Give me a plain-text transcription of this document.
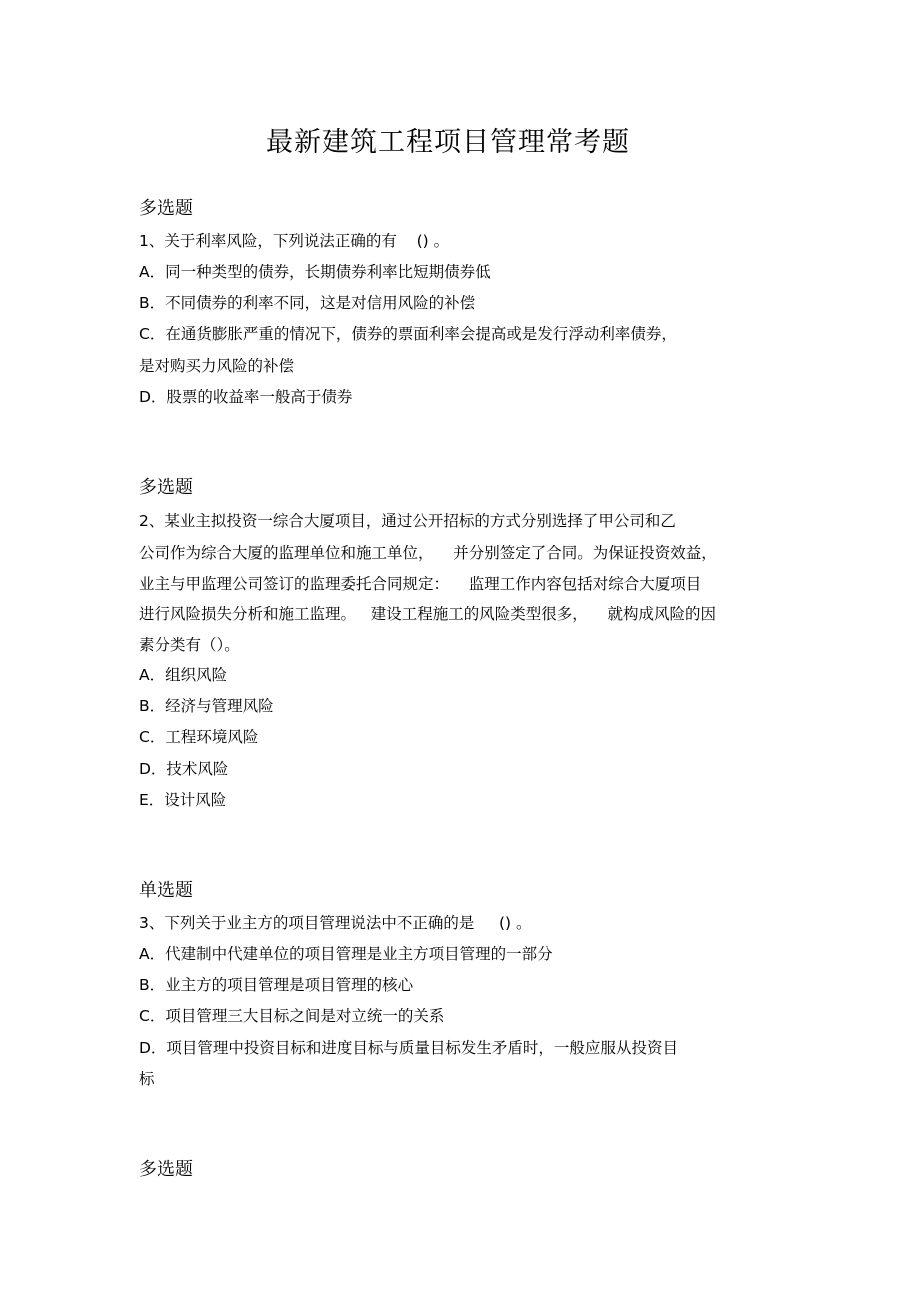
最新建筑工程项目管理常考题
多选题
1、关于利率风险，下列说法正确的有    () 。
A．同一种类型的债券，长期债券利率比短期债券低
B．不同债券的利率不同，这是对信用风险的补偿
C．在通货膨胀严重的情况下，债券的票面利率会提高或是发行浮动利率债券，
是对购买力风险的补偿
D．股票的收益率一般高于债券
多选题
2、某业主拟投资一综合大厦项目，通过公开招标的方式分别选择了甲公司和乙
公司作为综合大厦的监理单位和施工单位，    并分别签定了合同。为保证投资效益，
业主与甲监理公司签订的监理委托合同规定：    监理工作内容包括对综合大厦项目
进行风险损失分析和施工监理。   建设工程施工的风险类型很多，    就构成风险的因
素分类有（）。
A．组织风险
B．经济与管理风险
C．工程环境风险
D．技术风险
E．设计风险
单选题
3、下列关于业主方的项目管理说法中不正确的是     () 。
A．代建制中代建单位的项目管理是业主方项目管理的一部分
B．业主方的项目管理是项目管理的核心
C．项目管理三大目标之间是对立统一的关系
D．项目管理中投资目标和进度目标与质量目标发生矛盾时，一般应服从投资目
标
多选题
